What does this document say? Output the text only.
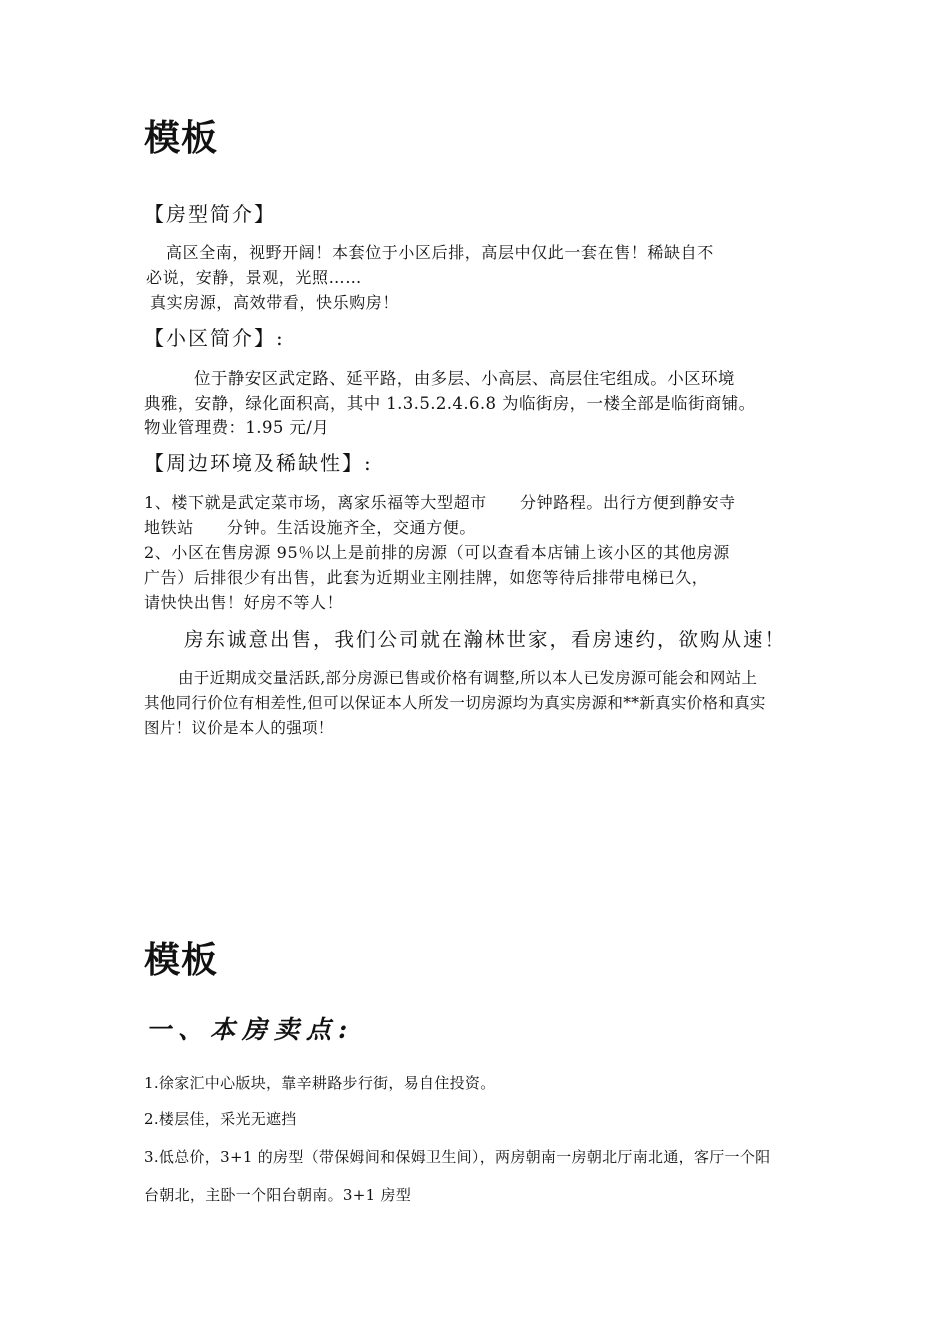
模板
【房型简介】
高区全南，视野开阔！本套位于小区后排，高层中仅此一套在售！稀缺自不
必说，安静，景观，光照……
真实房源，高效带看，快乐购房！
【小区简介】:
位于静安区武定路、延平路，由多层、小高层、高层住宅组成。小区环境
典雅，安静，绿化面积高，其中 1.3.5.2.4.6.8 为临街房，一楼全部是临街商铺。
物业管理费：1.95 元/月
【周边环境及稀缺性】:
1、楼下就是武定菜市场，离家乐福等大型超市　　分钟路程。出行方便到静安寺
地铁站　　分钟。生活设施齐全，交通方便。
2、小区在售房源 95％以上是前排的房源（可以查看本店铺上该小区的其他房源
广告）后排很少有出售，此套为近期业主刚挂牌，如您等待后排带电梯已久，
请快快出售！好房不等人！
房东诚意出售，我们公司就在瀚林世家，看房速约，欲购从速！
由于近期成交量活跃,部分房源已售或价格有调整,所以本人已发房源可能会和网站上
其他同行价位有相差性,但可以保证本人所发一切房源均为真实房源和**新真实价格和真实
图片！议价是本人的强项！
模板
一、本房卖点:
1.徐家汇中心版块，靠辛耕路步行街，易自住投资。
2.楼层佳，采光无遮挡
3.低总价，3+1 的房型（带保姆间和保姆卫生间），两房朝南一房朝北厅南北通，客厅一个阳
台朝北，主卧一个阳台朝南。3+1 房型
